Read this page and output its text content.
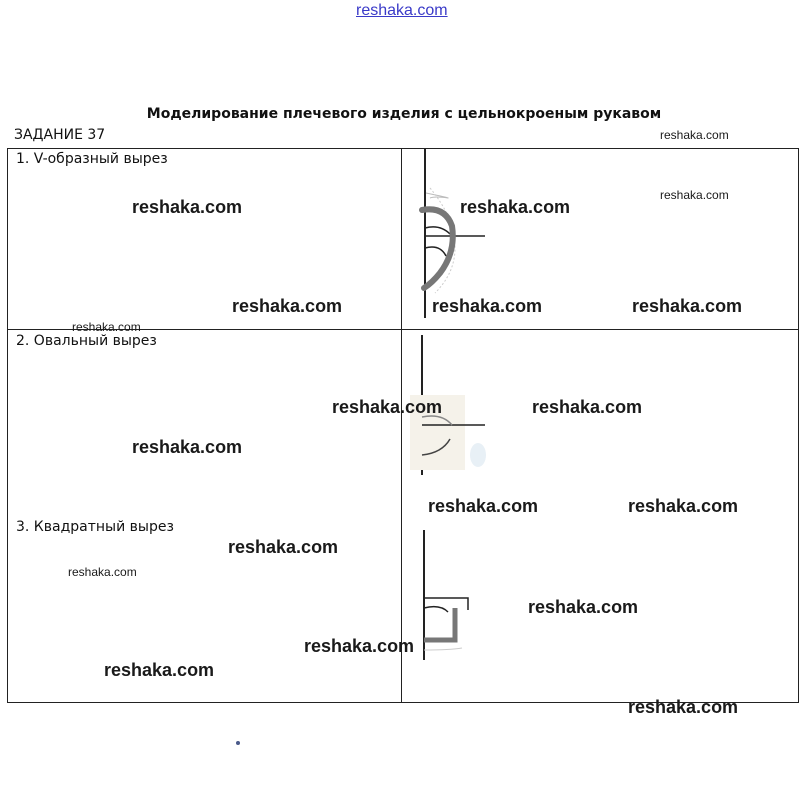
reshaka.com
Моделирование плечевого изделия с цельнокроеным рукавом
ЗАДАНИЕ 37
1. V-образный вырез
2. Овальный вырез
3. Квадратный вырез
reshaka.com	reshaka.com
reshaka.com	reshaka.com	reshaka.com
reshaka.com	reshaka.com
reshaka.com
reshaka.com	reshaka.com
reshaka.com
reshaka.com
reshaka.com
reshaka.com
reshaka.com
reshaka.com
reshaka.com
reshaka.com
reshaka.com
